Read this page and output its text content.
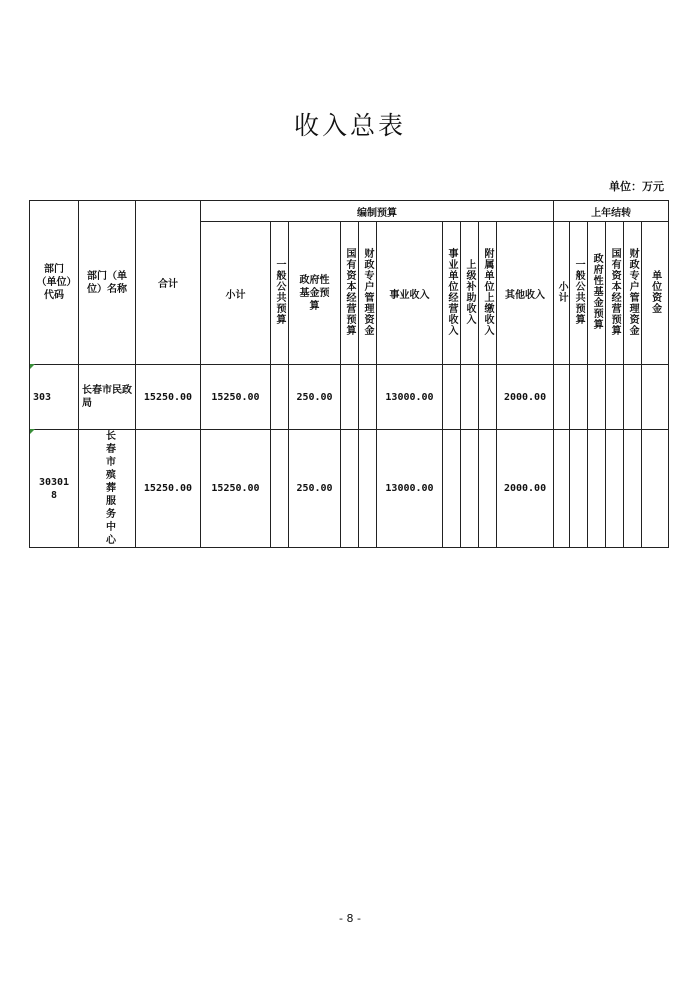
收入总表
单位：万元
部门（单位）代码	部门（单位）名称	合计	编制预算										上年结转					
			小计	一般公共预算	政府性基金预算	国有资本经营预算	财政专户管理资金	事业收入	事业单位经营收入	上级补助收入	附属单位上缴收入	其他收入	小计	一般公共预算	政府性基金预算	国有资本经营预算	财政专户管理资金	单位资金
303	长春市民政局	15250.00	15250.00		250.00			13000.00				2000.00						

303018	长春市殡葬服务中心	15250.00	15250.00		250.00			13000.00				2000.00						
- 8 -
